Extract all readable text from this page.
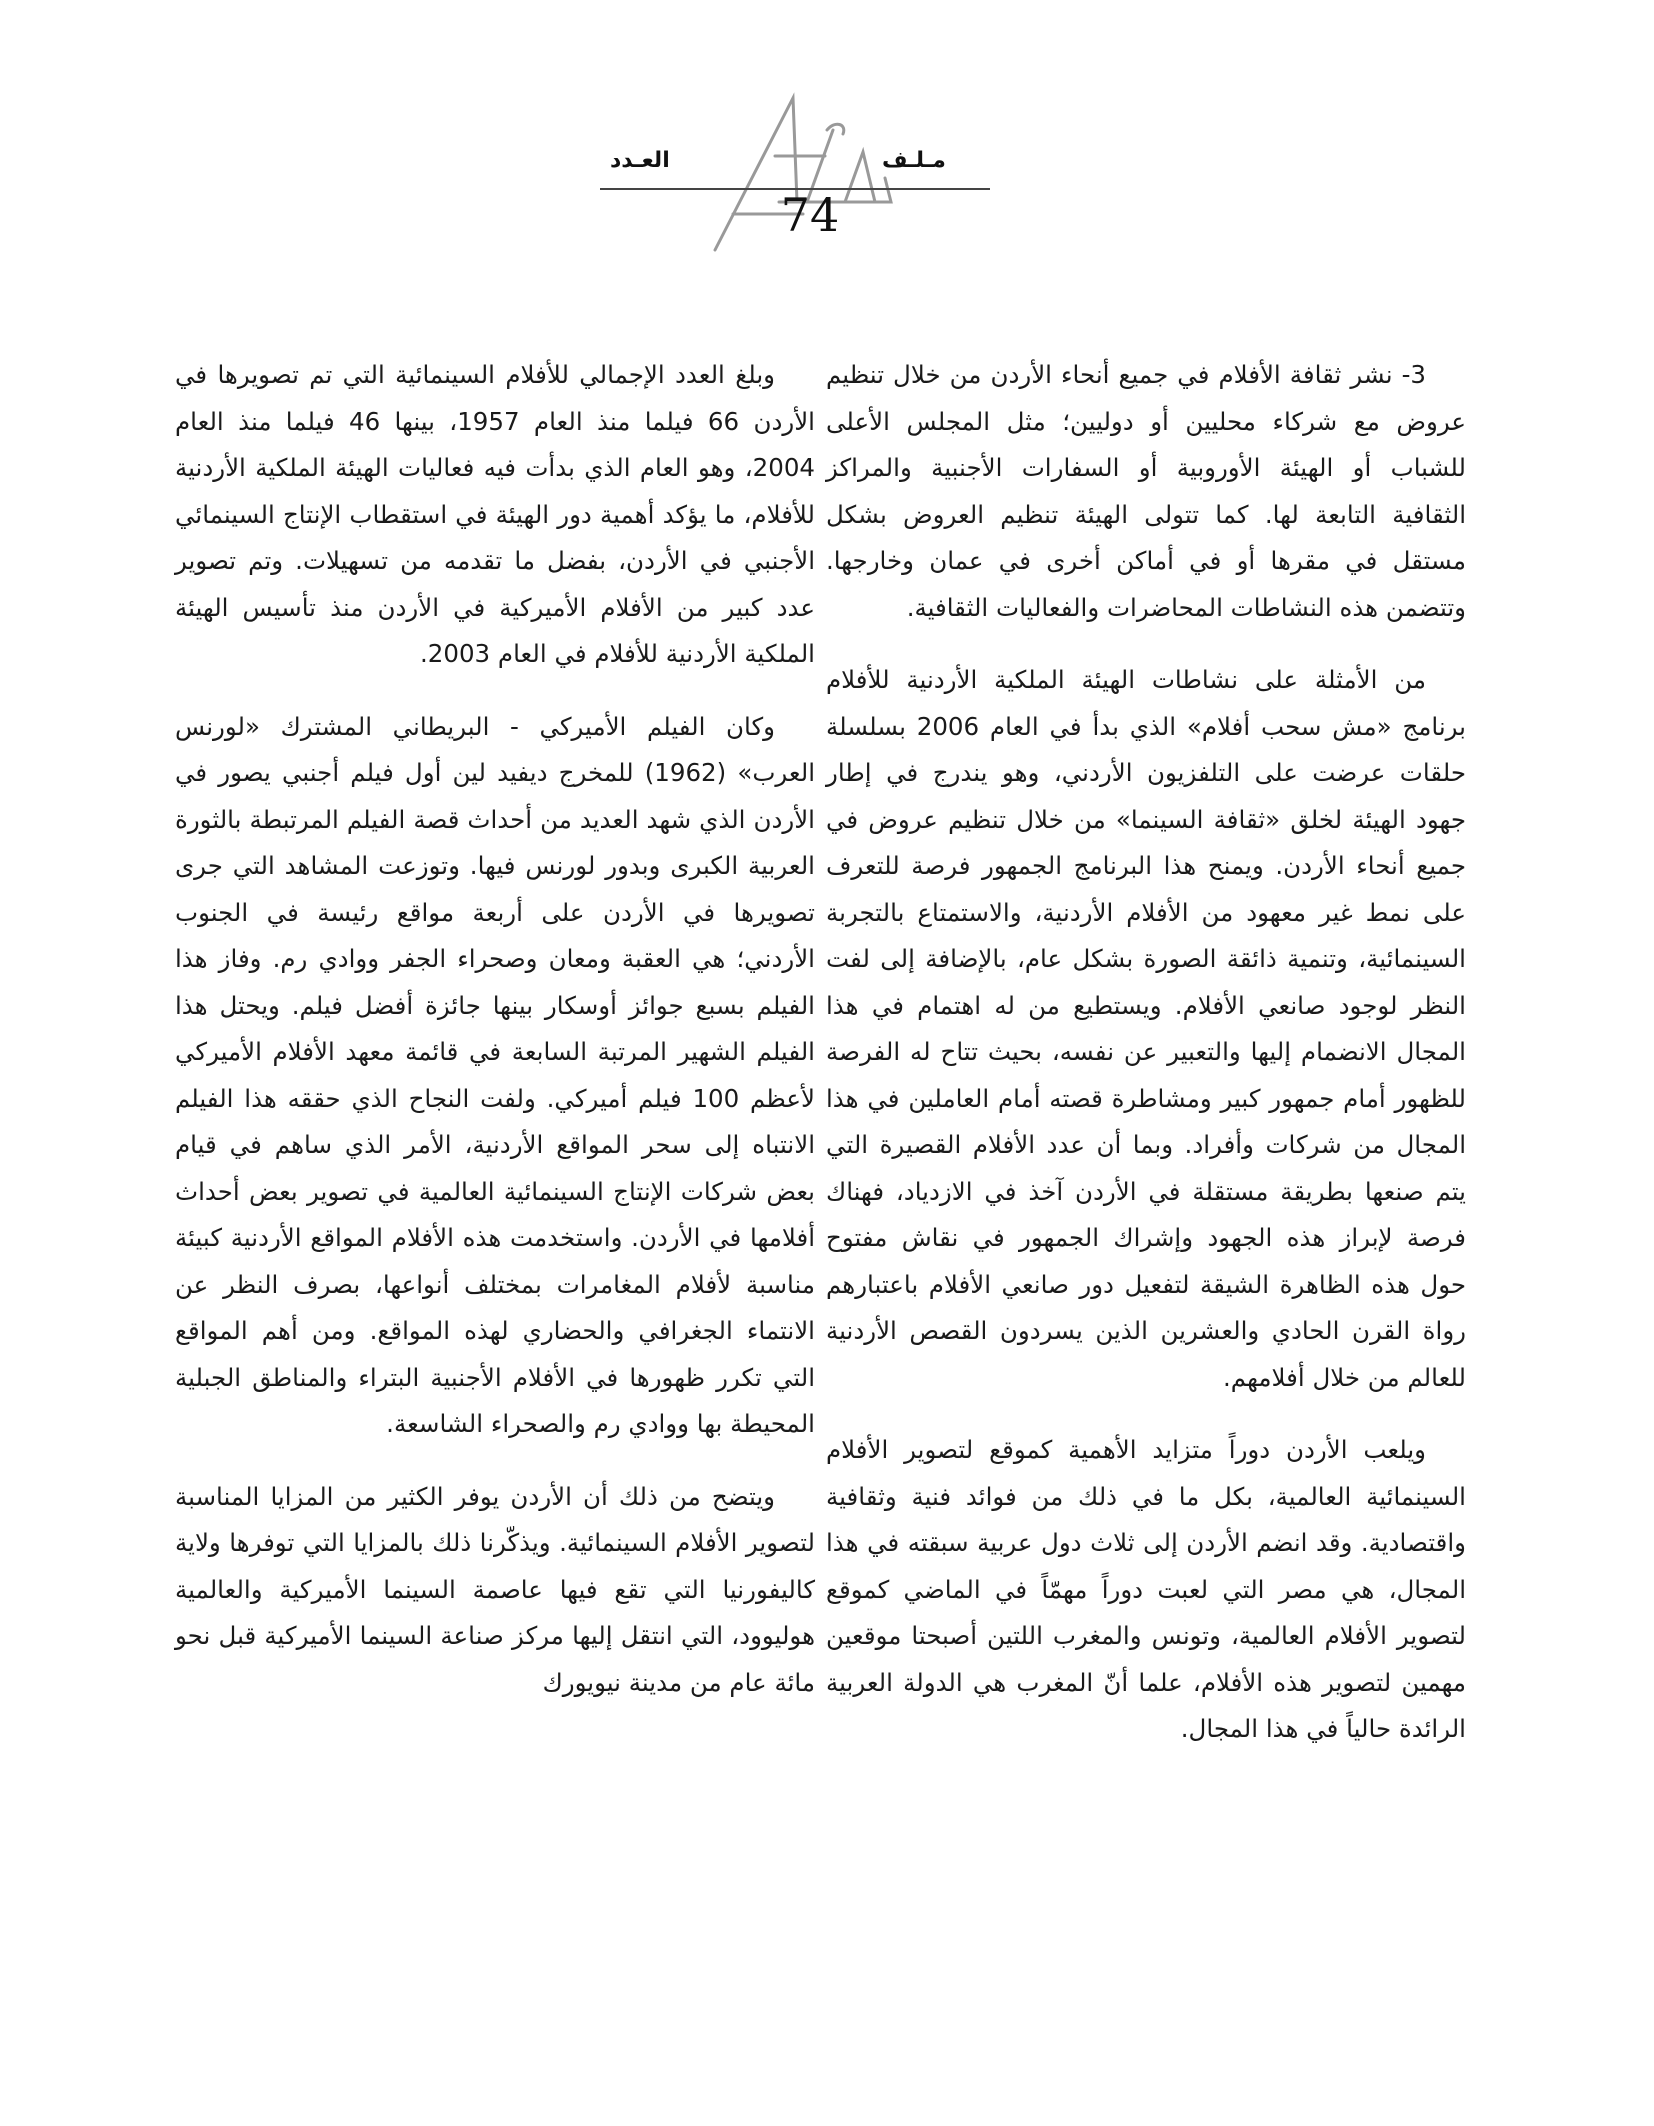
مـلـف
العـدد
74

3- نشر ثقافة الأفلام في جميع أنحاء الأردن من خلال تنظيم عروض مع شركاء محليين أو دوليين؛ مثل المجلس الأعلى للشباب أو الهيئة الأوروبية أو السفارات الأجنبية والمراكز الثقافية التابعة لها. كما تتولى الهيئة تنظيم العروض بشكل مستقل في مقرها أو في أماكن أخرى في عمان وخارجها. وتتضمن هذه النشاطات المحاضرات والفعاليات الثقافية.

من الأمثلة على نشاطات الهيئة الملكية الأردنية للأفلام برنامج «مش سحب أفلام» الذي بدأ في العام 2006 بسلسلة حلقات عرضت على التلفزيون الأردني، وهو يندرج في إطار جهود الهيئة لخلق «ثقافة السينما» من خلال تنظيم عروض في جميع أنحاء الأردن. ويمنح هذا البرنامج الجمهور فرصة للتعرف على نمط غير معهود من الأفلام الأردنية، والاستمتاع بالتجربة السينمائية، وتنمية ذائقة الصورة بشكل عام، بالإضافة إلى لفت النظر لوجود صانعي الأفلام. ويستطيع من له اهتمام في هذا المجال الانضمام إليها والتعبير عن نفسه، بحيث تتاح له الفرصة للظهور أمام جمهور كبير ومشاطرة قصته أمام العاملين في هذا المجال من شركات وأفراد. وبما أن عدد الأفلام القصيرة التي يتم صنعها بطريقة مستقلة في الأردن آخذ في الازدياد، فهناك فرصة لإبراز هذه الجهود وإشراك الجمهور في نقاش مفتوح حول هذه الظاهرة الشيقة لتفعيل دور صانعي الأفلام باعتبارهم رواة القرن الحادي والعشرين الذين يسردون القصص الأردنية للعالم من خلال أفلامهم.

ويلعب الأردن دوراً متزايد الأهمية كموقع لتصوير الأفلام السينمائية العالمية، بكل ما في ذلك من فوائد فنية وثقافية واقتصادية. وقد انضم الأردن إلى ثلاث دول عربية سبقته في هذا المجال، هي مصر التي لعبت دوراً مهمّاً في الماضي كموقع لتصوير الأفلام العالمية، وتونس والمغرب اللتين أصبحتا موقعين مهمين لتصوير هذه الأفلام، علما أنّ المغرب هي الدولة العربية الرائدة حالياً في هذا المجال.

وبلغ العدد الإجمالي للأفلام السينمائية التي تم تصويرها في الأردن 66 فيلما منذ العام 1957، بينها 46 فيلما منذ العام 2004، وهو العام الذي بدأت فيه فعاليات الهيئة الملكية الأردنية للأفلام، ما يؤكد أهمية دور الهيئة في استقطاب الإنتاج السينمائي الأجنبي في الأردن، بفضل ما تقدمه من تسهيلات. وتم تصوير عدد كبير من الأفلام الأميركية في الأردن منذ تأسيس الهيئة الملكية الأردنية للأفلام في العام 2003.

وكان الفيلم الأميركي - البريطاني المشترك «لورنس العرب» (1962) للمخرج ديفيد لين أول فيلم أجنبي يصور في الأردن الذي شهد العديد من أحداث قصة الفيلم المرتبطة بالثورة العربية الكبرى وبدور لورنس فيها. وتوزعت المشاهد التي جرى تصويرها في الأردن على أربعة مواقع رئيسة في الجنوب الأردني؛ هي العقبة ومعان وصحراء الجفر ووادي رم. وفاز هذا الفيلم بسبع جوائز أوسكار بينها جائزة أفضل فيلم. ويحتل هذا الفيلم الشهير المرتبة السابعة في قائمة معهد الأفلام الأميركي لأعظم 100 فيلم أميركي. ولفت النجاح الذي حققه هذا الفيلم الانتباه إلى سحر المواقع الأردنية، الأمر الذي ساهم في قيام بعض شركات الإنتاج السينمائية العالمية في تصوير بعض أحداث أفلامها في الأردن. واستخدمت هذه الأفلام المواقع الأردنية كبيئة مناسبة لأفلام المغامرات بمختلف أنواعها، بصرف النظر عن الانتماء الجغرافي والحضاري لهذه المواقع. ومن أهم المواقع التي تكرر ظهورها في الأفلام الأجنبية البتراء والمناطق الجبلية المحيطة بها ووادي رم والصحراء الشاسعة.

ويتضح من ذلك أن الأردن يوفر الكثير من المزايا المناسبة لتصوير الأفلام السينمائية. ويذكّرنا ذلك بالمزايا التي توفرها ولاية كاليفورنيا التي تقع فيها عاصمة السينما الأميركية والعالمية هوليوود، التي انتقل إليها مركز صناعة السينما الأميركية قبل نحو مائة عام من مدينة نيويورك
